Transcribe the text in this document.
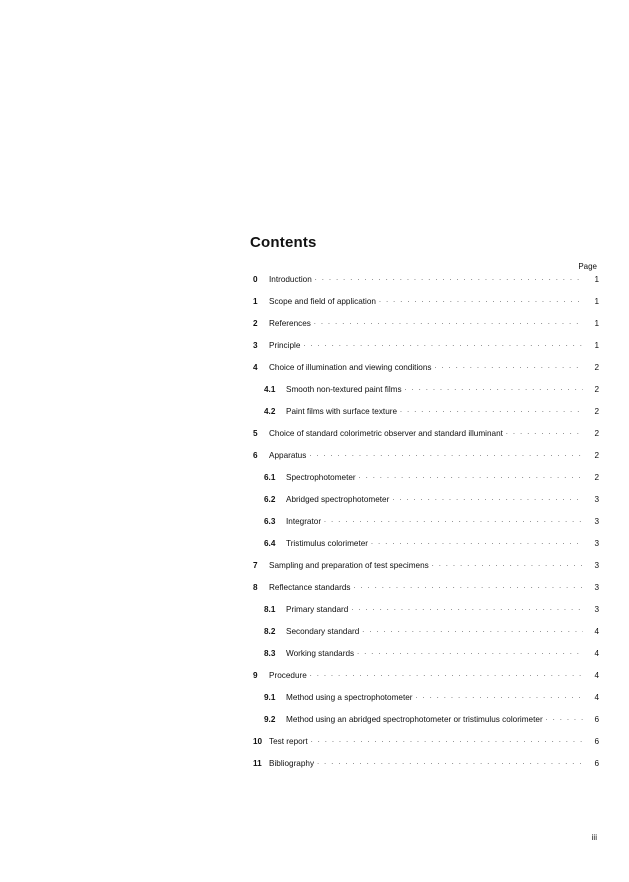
Contents
Page
0	Introduction . . .	1
1	Scope and field of application . . .	1
2	References . . .	1
3	Principle . . .	1
4	Choice of illumination and viewing conditions . . .	2
4.1	Smooth non-textured paint films . . .	2
4.2	Paint films with surface texture . . .	2
5	Choice of standard colorimetric observer and standard illuminant . . .	2
6	Apparatus . . .	2
6.1	Spectrophotometer . . .	2
6.2	Abridged spectrophotometer . . .	3
6.3	Integrator . . .	3
6.4	Tristimulus colorimeter . . .	3
7	Sampling and preparation of test specimens . . .	3
8	Reflectance standards . . .	3
8.1	Primary standard . . .	3
8.2	Secondary standard . . .	4
8.3	Working standards . . .	4
9	Procedure . . .	4
9.1	Method using a spectrophotometer . . .	4
9.2	Method using an abridged spectrophotometer or tristimulus colorimeter . . .	6
10 Test report . . .	6
11 Bibliography . . .	6
iii
